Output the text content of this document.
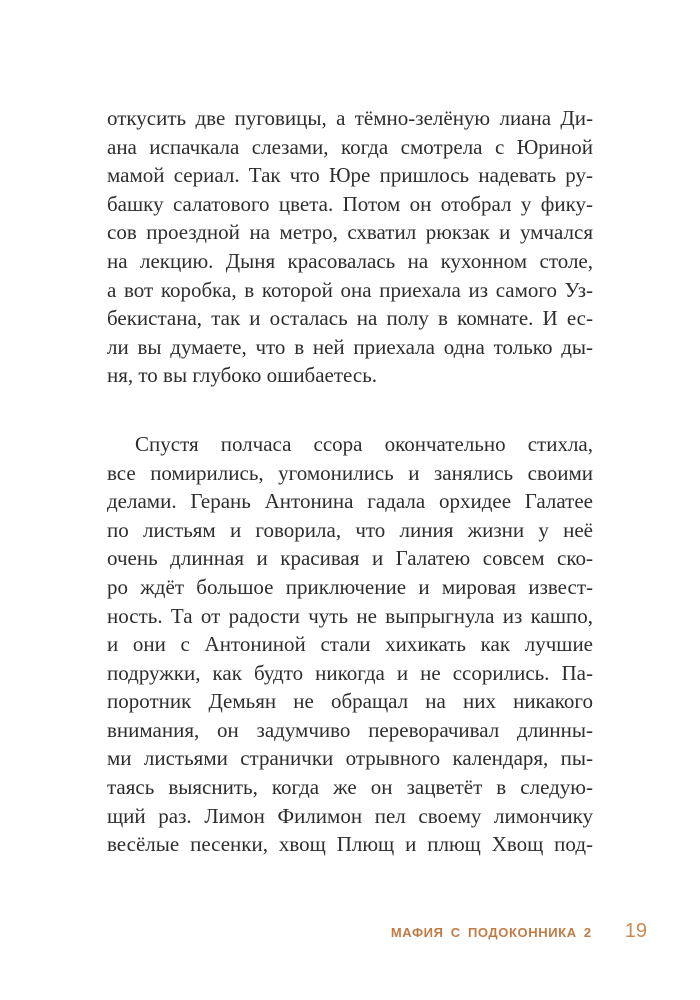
откусить две пуговицы, а тёмно-зелёную лиана Ди-
ана испачкала слезами, когда смотрела с Юриной
мамой сериал. Так что Юре пришлось надевать ру-
башку салатового цвета. Потом он отобрал у фику-
сов проездной на метро, схватил рюкзак и умчался
на лекцию. Дыня красовалась на кухонном столе,
а вот коробка, в которой она приехала из самого Уз-
бекистана, так и осталась на полу в комнате. И ес-
ли вы думаете, что в ней приехала одна только ды-
ня, то вы глубоко ошибаетесь.
Спустя полчаса ссора окончательно стихла,
все помирились, угомонились и занялись своими
делами. Герань Антонина гадала орхидее Галатее
по листьям и говорила, что линия жизни у неё
очень длинная и красивая и Галатею совсем ско-
ро ждёт большое приключение и мировая извест-
ность. Та от радости чуть не выпрыгнула из кашпо,
и они с Антониной стали хихикать как лучшие
подружки, как будто никогда и не ссорились. Па-
поротник Демьян не обращал на них никакого
внимания, он задумчиво переворачивал длинны-
ми листьями странички отрывного календаря, пы-
таясь выяснить, когда же он зацветёт в следую-
щий раз. Лимон Филимон пел своему лимончику
весёлые песенки, хвощ Плющ и плющ Хвощ под-
МАФИЯ С ПОДОКОННИКА 2 19
